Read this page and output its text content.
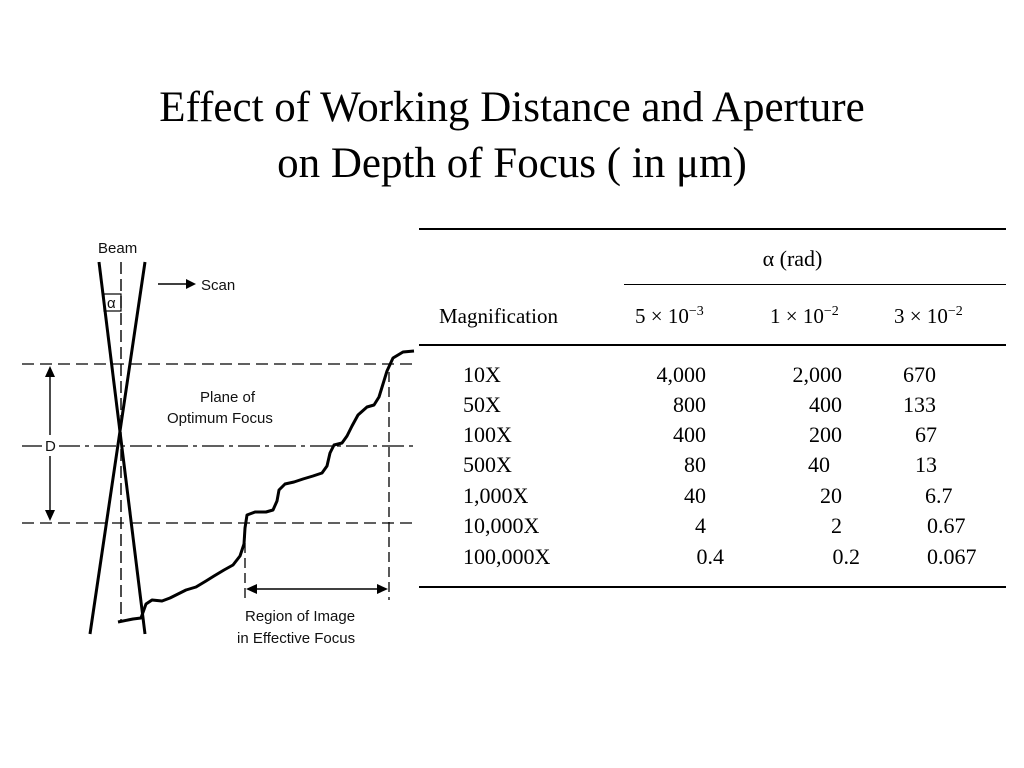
Effect of Working Distance and Aperture
on Depth of Focus ( in μm)
α
Beam
Scan
Plane of
Optimum Focus
D
Region of Image
in Effective Focus
α (rad)
Magnification	$5 \times 10^{-3}$	$1 \times 10^{-2}$	$3 \times 10^{-2}$
10X	4,000	2,000	670
50X	800	400	133
100X	400	200	67
500X	80	40	13
1,000X	40	20	6.7
10,000X	4	2	0.67
100,000X	0.4	0.2	0.067
